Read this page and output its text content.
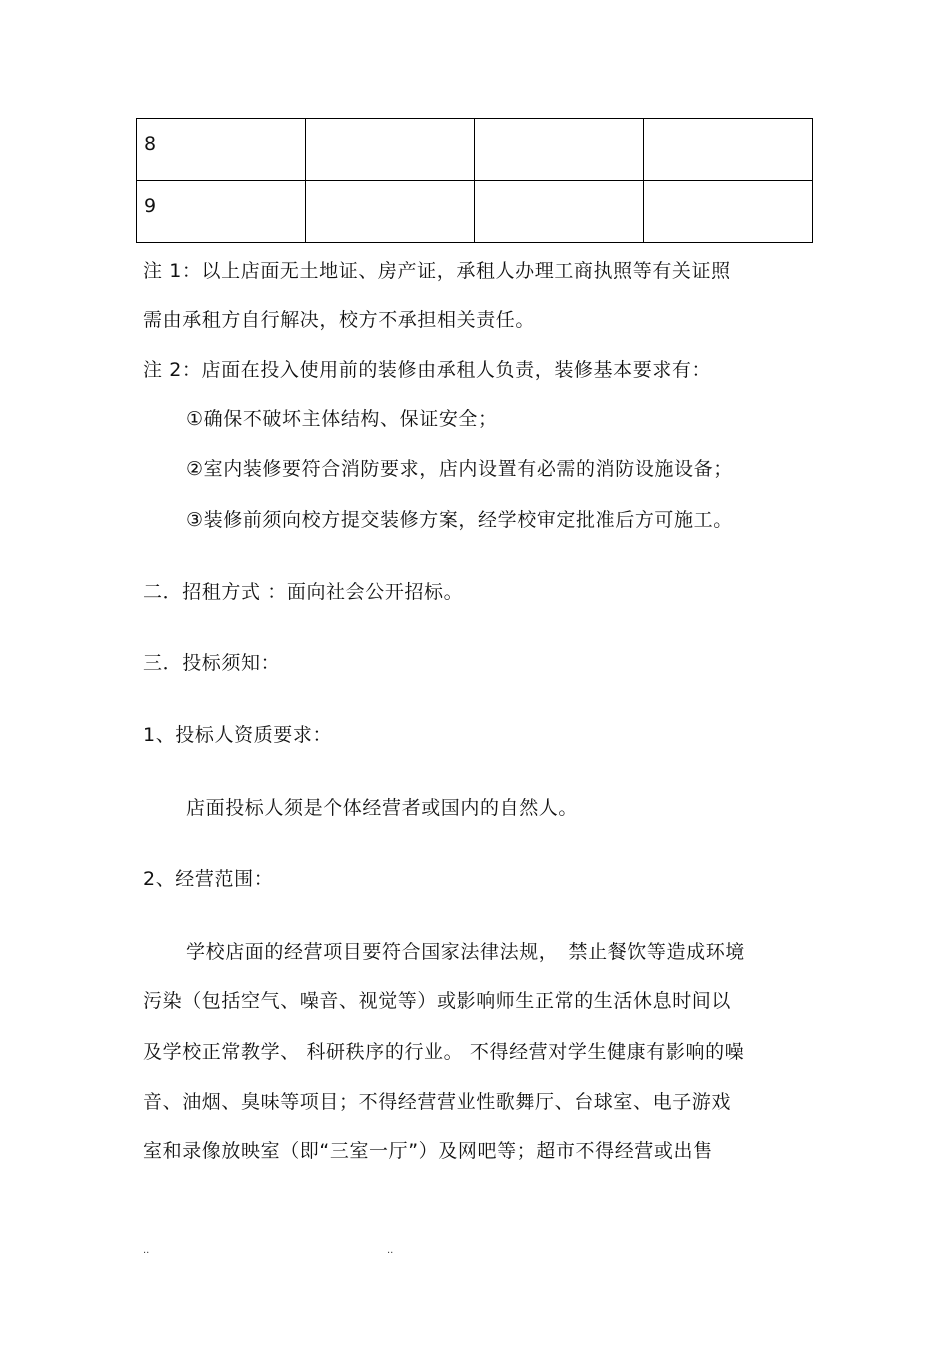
8			
9			
注 1：以上店面无土地证、房产证，承租人办理工商执照等有关证照
需由承租方自行解决，校方不承担相关责任。
注 2：店面在投入使用前的装修由承租人负责，装修基本要求有：
①确保不破坏主体结构、保证安全；
②室内装修要符合消防要求，店内设置有必需的消防设施设备；
③装修前须向校方提交装修方案，经学校审定批准后方可施工。
二．招租方式 ：面向社会公开招标。
三．投标须知：
1、投标人资质要求：
店面投标人须是个体经营者或国内的自然人。
2、经营范围：
学校店面的经营项目要符合国家法律法规，　禁止餐饮等造成环境
污染（包括空气、噪音、视觉等）或影响师生正常的生活休息时间以
及学校正常教学、 科研秩序的行业。 不得经营对学生健康有影响的噪
音、油烟、臭味等项目；不得经营营业性歌舞厅、台球室、电子游戏
室和录像放映室（即“三室一厅”）及网吧等；超市不得经营或出售
..	..
